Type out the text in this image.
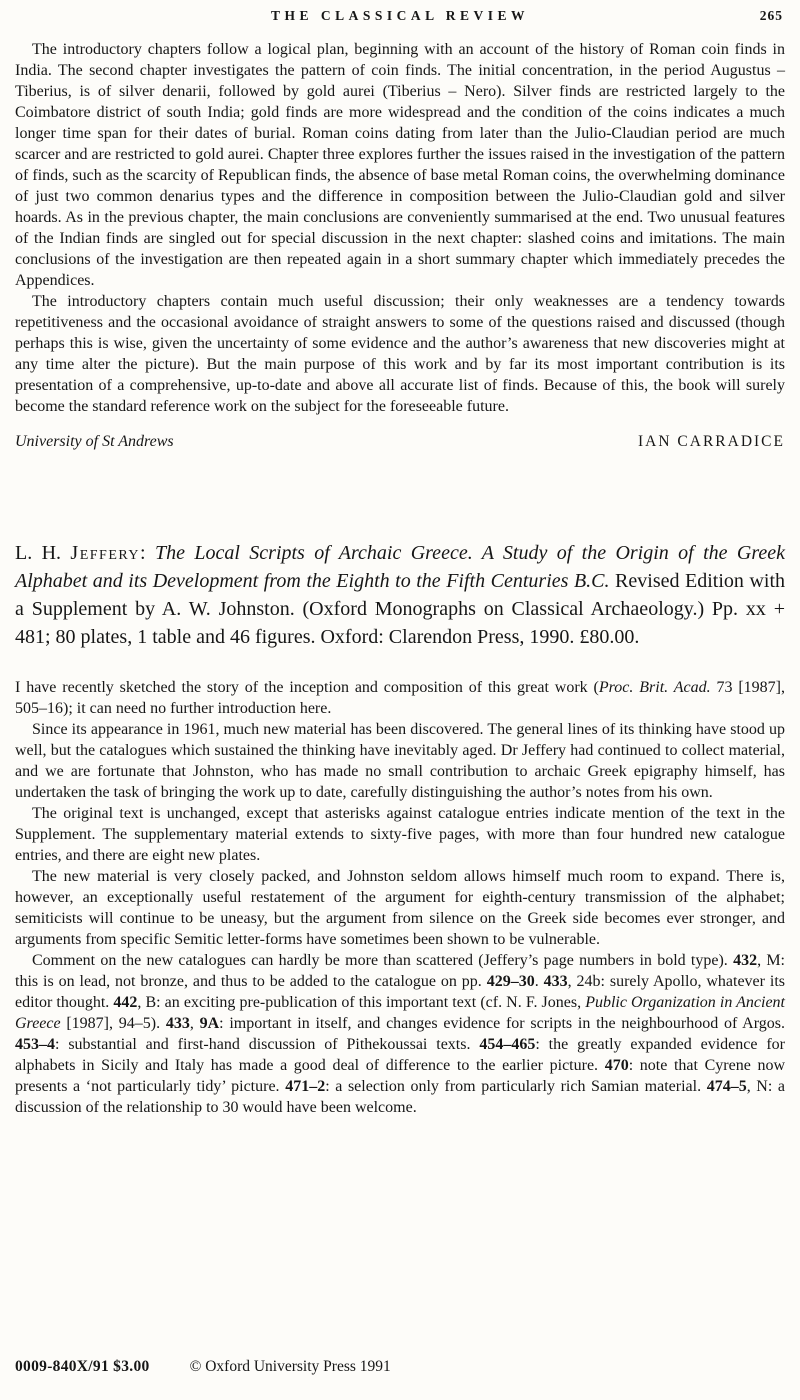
THE CLASSICAL REVIEW	265

The introductory chapters follow a logical plan, beginning with an account of the history of Roman coin finds in India. The second chapter investigates the pattern of coin finds. The initial concentration, in the period Augustus – Tiberius, is of silver denarii, followed by gold aurei (Tiberius – Nero). Silver finds are restricted largely to the Coimbatore district of south India; gold finds are more widespread and the condition of the coins indicates a much longer time span for their dates of burial. Roman coins dating from later than the Julio-Claudian period are much scarcer and are restricted to gold aurei. Chapter three explores further the issues raised in the investigation of the pattern of finds, such as the scarcity of Republican finds, the absence of base metal Roman coins, the overwhelming dominance of just two common denarius types and the difference in composition between the Julio-Claudian gold and silver hoards. As in the previous chapter, the main conclusions are conveniently summarised at the end. Two unusual features of the Indian finds are singled out for special discussion in the next chapter: slashed coins and imitations. The main conclusions of the investigation are then repeated again in a short summary chapter which immediately precedes the Appendices.

The introductory chapters contain much useful discussion; their only weaknesses are a tendency towards repetitiveness and the occasional avoidance of straight answers to some of the questions raised and discussed (though perhaps this is wise, given the uncertainty of some evidence and the author’s awareness that new discoveries might at any time alter the picture). But the main purpose of this work and by far its most important contribution is its presentation of a comprehensive, up-to-date and above all accurate list of finds. Because of this, the book will surely become the standard reference work on the subject for the foreseeable future.

University of St Andrews	IAN CARRADICE
L. H. Jeffery: The Local Scripts of Archaic Greece. A Study of the Origin of the Greek Alphabet and its Development from the Eighth to the Fifth Centuries B.C. Revised Edition with a Supplement by A. W. Johnston. (Oxford Monographs on Classical Archaeology.) Pp. xx + 481; 80 plates, 1 table and 46 figures. Oxford: Clarendon Press, 1990. £80.00.

I have recently sketched the story of the inception and composition of this great work (Proc. Brit. Acad. 73 [1987], 505–16); it can need no further introduction here.

Since its appearance in 1961, much new material has been discovered. The general lines of its thinking have stood up well, but the catalogues which sustained the thinking have inevitably aged. Dr Jeffery had continued to collect material, and we are fortunate that Johnston, who has made no small contribution to archaic Greek epigraphy himself, has undertaken the task of bringing the work up to date, carefully distinguishing the author’s notes from his own.

The original text is unchanged, except that asterisks against catalogue entries indicate mention of the text in the Supplement. The supplementary material extends to sixty-five pages, with more than four hundred new catalogue entries, and there are eight new plates.

The new material is very closely packed, and Johnston seldom allows himself much room to expand. There is, however, an exceptionally useful restatement of the argument for eighth-century transmission of the alphabet; semiticists will continue to be uneasy, but the argument from silence on the Greek side becomes ever stronger, and arguments from specific Semitic letter-forms have sometimes been shown to be vulnerable.

Comment on the new catalogues can hardly be more than scattered (Jeffery’s page numbers in bold type). 432, M: this is on lead, not bronze, and thus to be added to the catalogue on pp. 429–30. 433, 24b: surely Apollo, whatever its editor thought. 442, B: an exciting pre-publication of this important text (cf. N. F. Jones, Public Organization in Ancient Greece [1987], 94–5). 433, 9A: important in itself, and changes evidence for scripts in the neighbourhood of Argos. 453–4: substantial and first-hand discussion of Pithekoussai texts. 454–465: the greatly expanded evidence for alphabets in Sicily and Italy has made a good deal of difference to the earlier picture. 470: note that Cyrene now presents a ‘not particularly tidy’ picture. 471–2: a selection only from particularly rich Samian material. 474–5, N: a discussion of the relationship to 30 would have been welcome.

0009-840X/91 $3.00	© Oxford University Press 1991
